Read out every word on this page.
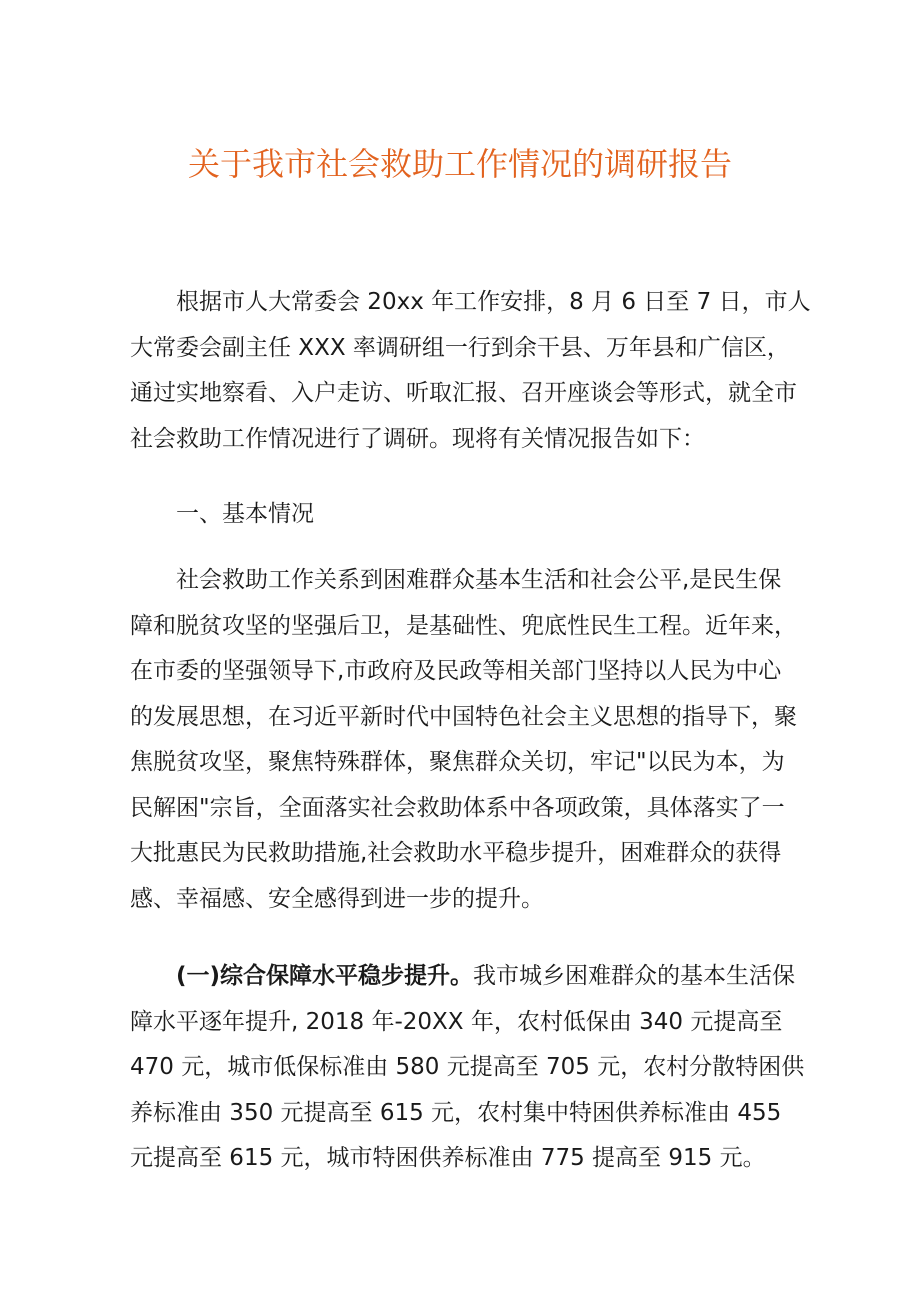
关于我市社会救助工作情况的调研报告
根据市人大常委会 20xx 年工作安排，8 月 6 日至 7 日，市人
大常委会副主任 XXX 率调研组一行到余干县、万年县和广信区，
通过实地察看、入户走访、听取汇报、召开座谈会等形式，就全市
社会救助工作情况进行了调研。现将有关情况报告如下：
一、基本情况
社会救助工作关系到困难群众基本生活和社会公平,是民生保
障和脱贫攻坚的坚强后卫，是基础性、兜底性民生工程。近年来，
在市委的坚强领导下,市政府及民政等相关部门坚持以人民为中心
的发展思想，在习近平新时代中国特色社会主义思想的指导下，聚
焦脱贫攻坚，聚焦特殊群体，聚焦群众关切，牢记"以民为本，为
民解困"宗旨，全面落实社会救助体系中各项政策，具体落实了一
大批惠民为民救助措施,社会救助水平稳步提升，困难群众的获得
感、幸福感、安全感得到进一步的提升。
(一)综合保障水平稳步提升。我市城乡困难群众的基本生活保
障水平逐年提升, 2018 年-20XX 年，农村低保由 340 元提高至
470 元，城市低保标准由 580 元提高至 705 元，农村分散特困供
养标准由 350 元提高至 615 元，农村集中特困供养标准由 455
元提高至 615 元，城市特困供养标准由 775 提高至 915 元。
